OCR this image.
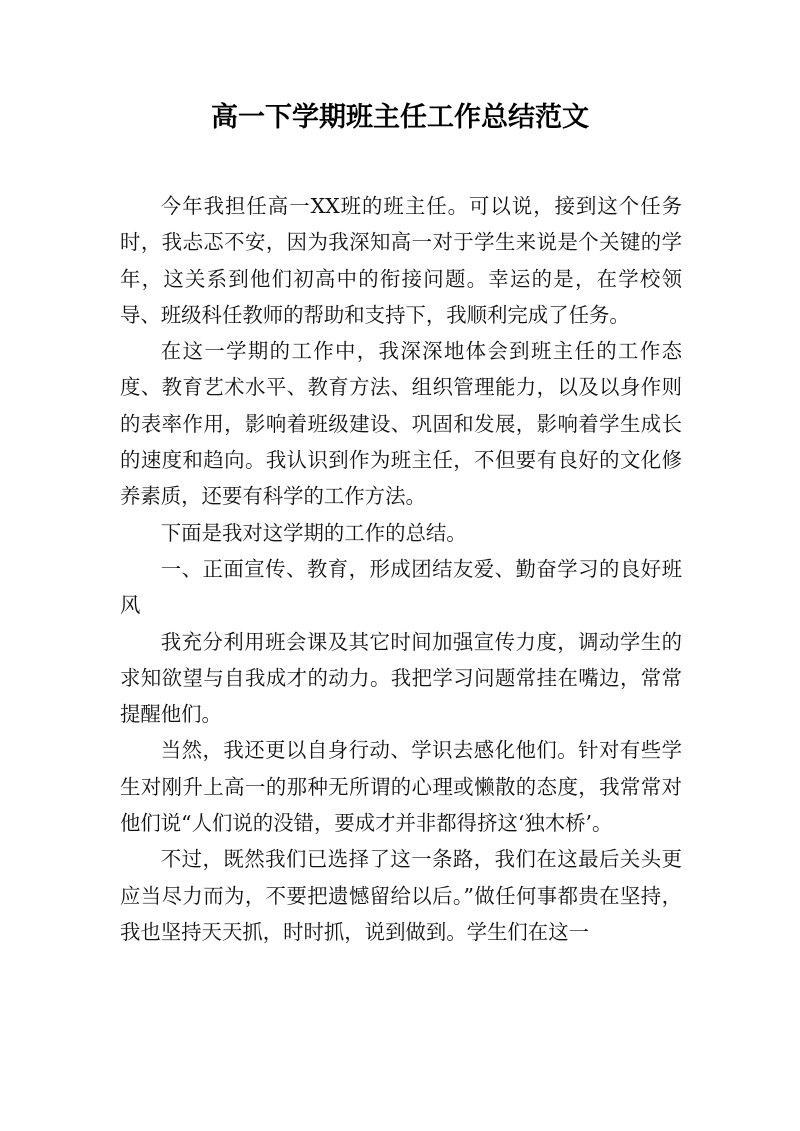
高一下学期班主任工作总结范文

今年我担任高一XX班的班主任。可以说，接到这个任务时，我忐忑不安，因为我深知高一对于学生来说是个关键的学年，这关系到他们初高中的衔接问题。幸运的是，在学校领导、班级科任教师的帮助和支持下，我顺利完成了任务。

在这一学期的工作中，我深深地体会到班主任的工作态度、教育艺术水平、教育方法、组织管理能力，以及以身作则的表率作用，影响着班级建设、巩固和发展，影响着学生成长的速度和趋向。我认识到作为班主任，不但要有良好的文化修养素质，还要有科学的工作方法。

下面是我对这学期的工作的总结。

一、正面宣传、教育，形成团结友爱、勤奋学习的良好班风

我充分利用班会课及其它时间加强宣传力度，调动学生的求知欲望与自我成才的动力。我把学习问题常挂在嘴边，常常提醒他们。

当然，我还更以自身行动、学识去感化他们。针对有些学生对刚升上高一的那种无所谓的心理或懒散的态度，我常常对他们说“人们说的没错，要成才并非都得挤这‘独木桥’。

不过，既然我们已选择了这一条路，我们在这最后关头更应当尽力而为，不要把遗憾留给以后。”做任何事都贵在坚持，我也坚持天天抓，时时抓，说到做到。学生们在这一
